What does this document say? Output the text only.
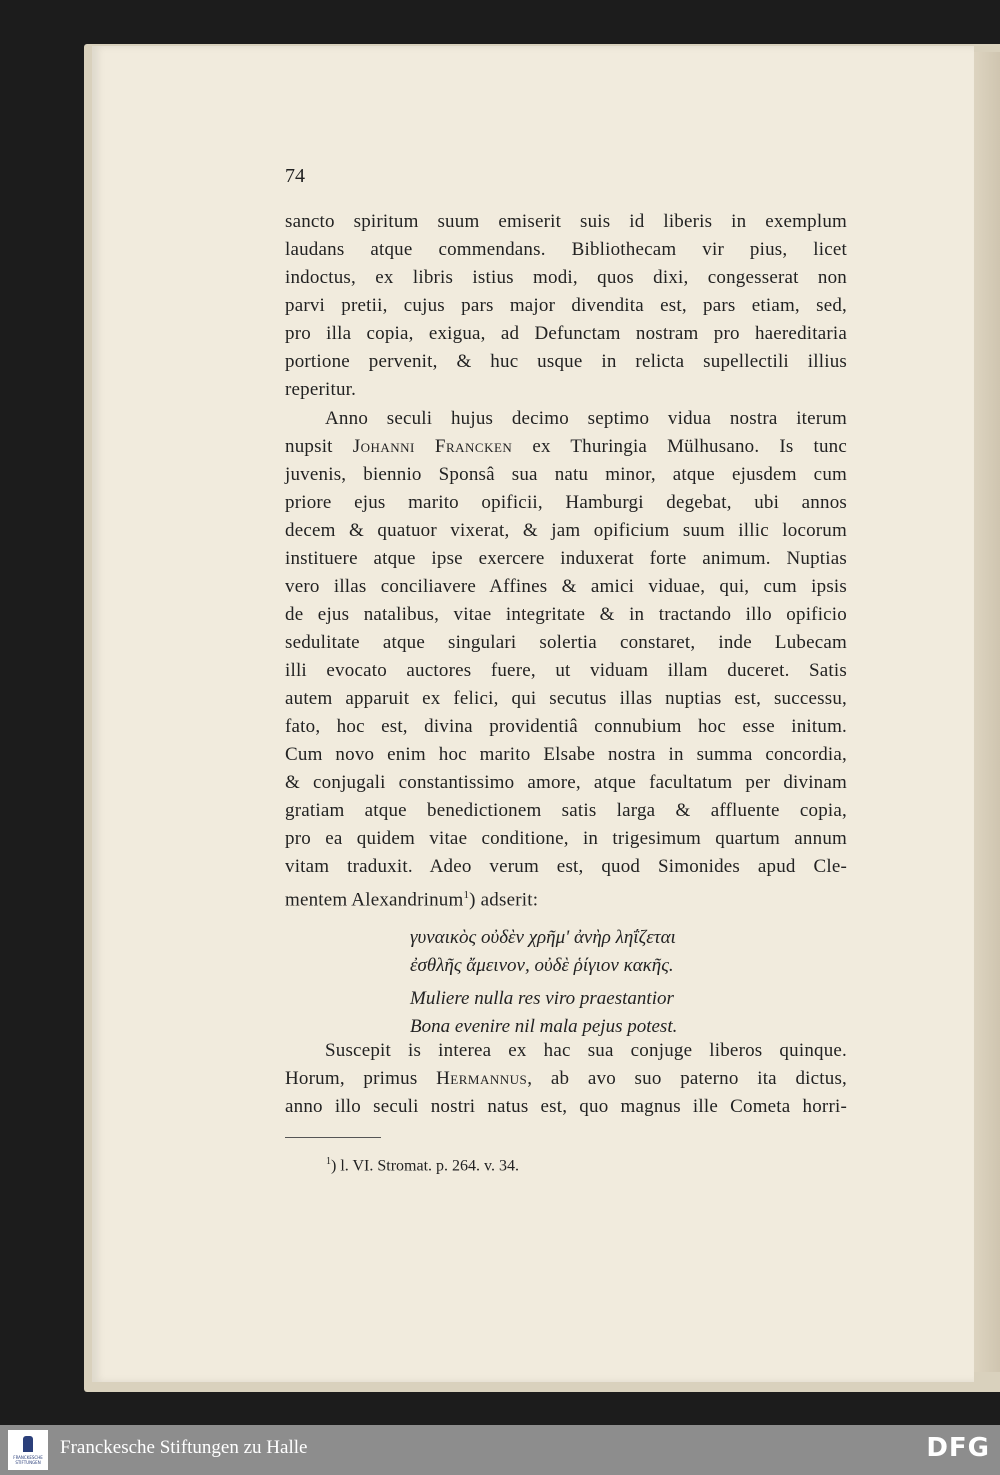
74
sancto spiritum suum emiserit suis id liberis in exemplum
laudans atque commendans. Bibliothecam vir pius, licet
indoctus, ex libris istius modi, quos dixi, congesserat non
parvi pretii, cujus pars major divendita est, pars etiam, sed,
pro illa copia, exigua, ad Defunctam nostram pro haereditaria
portione pervenit, & huc usque in relicta supellectili illius
reperitur.
Anno seculi hujus decimo septimo vidua nostra iterum
nupsit Johanni Francken ex Thuringia Mülhusano. Is tunc
juvenis, biennio Sponsâ sua natu minor, atque ejusdem cum
priore ejus marito opificii, Hamburgi degebat, ubi annos
decem & quatuor vixerat, & jam opificium suum illic locorum
instituere atque ipse exercere induxerat forte animum. Nuptias
vero illas conciliavere Affines & amici viduae, qui, cum ipsis
de ejus natalibus, vitae integritate & in tractando illo opificio
sedulitate atque singulari solertia constaret, inde Lubecam
illi evocato auctores fuere, ut viduam illam duceret. Satis
autem apparuit ex felici, qui secutus illas nuptias est, successu,
fato, hoc est, divina providentiâ connubium hoc esse initum.
Cum novo enim hoc marito Elsabe nostra in summa concordia,
& conjugali constantissimo amore, atque facultatum per divinam
gratiam atque benedictionem satis larga & affluente copia,
pro ea quidem vitae conditione, in trigesimum quartum annum
vitam traduxit. Adeo verum est, quod Simonides apud Cle-
mentem Alexandrinum$^1$) adserit:
Suscepit is interea ex hac sua conjuge liberos quinque.
Horum, primus Hermannus, ab avo suo paterno ita dictus,
anno illo seculi nostri natus est, quo magnus ille Cometa horri-
γυναικὸς οὐδὲν χρῆμ' ἀνὴρ ληΐζεται
ἐσθλῆς ἄμεινον, οὐδὲ ῥίγιον κακῆς.
Muliere nulla res viro praestantior
Bona evenire nil mala pejus potest.
$^1$) l. VI. Stromat. p. 264. v. 34.
FRANCKESCHE STIFTUNGEN
Franckesche Stiftungen zu Halle	DFG
